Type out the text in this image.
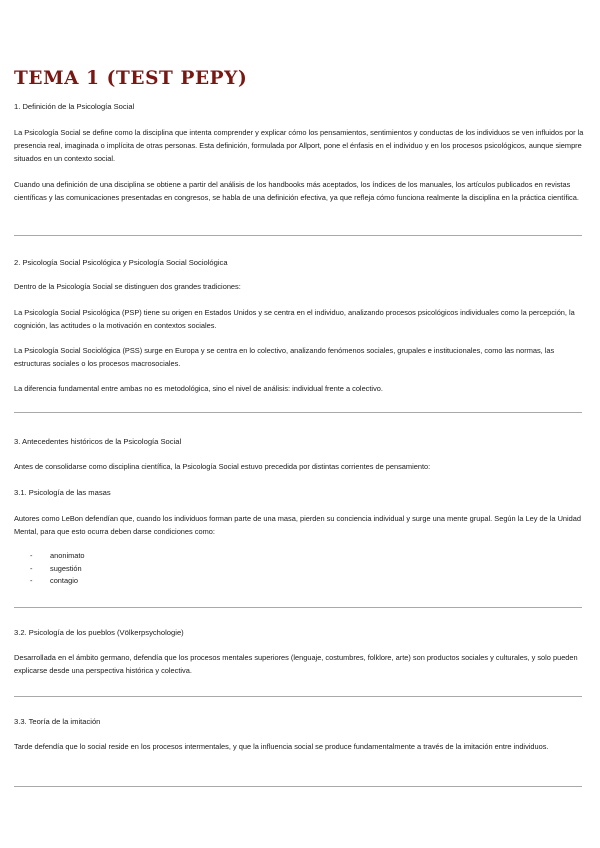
TEMA 1 (TEST PEPY)

1. Definición de la Psicología Social

La Psicología Social se define como la disciplina que intenta comprender y explicar cómo los pensamientos, sentimientos y conductas de los individuos se ven influidos por la presencia real, imaginada o implícita de otras personas. Esta definición, formulada por Allport, pone el énfasis en el individuo y en los procesos psicológicos, aunque siempre situados en un contexto social.

Cuando una definición de una disciplina se obtiene a partir del análisis de los handbooks más aceptados, los índices de los manuales, los artículos publicados en revistas científicas y las comunicaciones presentadas en congresos, se habla de una definición efectiva, ya que refleja cómo funciona realmente la disciplina en la práctica científica.

2. Psicología Social Psicológica y Psicología Social Sociológica

Dentro de la Psicología Social se distinguen dos grandes tradiciones:

La Psicología Social Psicológica (PSP) tiene su origen en Estados Unidos y se centra en el individuo, analizando procesos psicológicos individuales como la percepción, la cognición, las actitudes o la motivación en contextos sociales.

La Psicología Social Sociológica (PSS) surge en Europa y se centra en lo colectivo, analizando fenómenos sociales, grupales e institucionales, como las normas, las estructuras sociales o los procesos macrosociales.

La diferencia fundamental entre ambas no es metodológica, sino el nivel de análisis: individual frente a colectivo.

3. Antecedentes históricos de la Psicología Social

Antes de consolidarse como disciplina científica, la Psicología Social estuvo precedida por distintas corrientes de pensamiento:

3.1. Psicología de las masas

Autores como LeBon defendían que, cuando los individuos forman parte de una masa, pierden su conciencia individual y surge una mente grupal. Según la Ley de la Unidad Mental, para que esto ocurra deben darse condiciones como:

- anonimato
- sugestión
- contagio

3.2. Psicología de los pueblos (Völkerpsychologie)

Desarrollada en el ámbito germano, defendía que los procesos mentales superiores (lenguaje, costumbres, folklore, arte) son productos sociales y culturales, y solo pueden explicarse desde una perspectiva histórica y colectiva.

3.3. Teoría de la imitación

Tarde defendía que lo social reside en los procesos intermentales, y que la influencia social se produce fundamentalmente a través de la imitación entre individuos.
